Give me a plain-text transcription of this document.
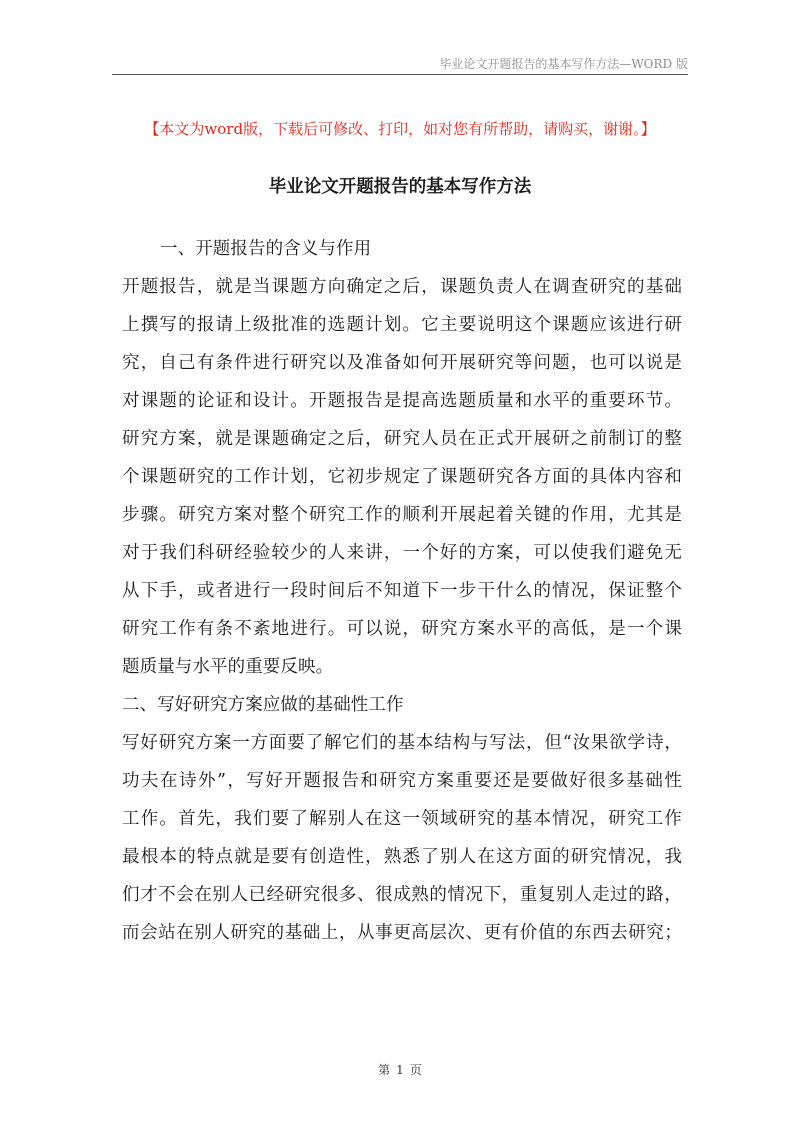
毕业论文开题报告的基本写作方法—WORD 版
【本文为word版，下载后可修改、打印，如对您有所帮助，请购买，谢谢。】
毕业论文开题报告的基本写作方法
一、开题报告的含义与作用
开题报告，就是当课题方向确定之后，课题负责人在调查研究的基础
上撰写的报请上级批准的选题计划。它主要说明这个课题应该进行研
究，自己有条件进行研究以及准备如何开展研究等问题，也可以说是
对课题的论证和设计。开题报告是提高选题质量和水平的重要环节。
研究方案，就是课题确定之后，研究人员在正式开展研之前制订的整
个课题研究的工作计划，它初步规定了课题研究各方面的具体内容和
步骤。研究方案对整个研究工作的顺利开展起着关键的作用，尤其是
对于我们科研经验较少的人来讲，一个好的方案，可以使我们避免无
从下手，或者进行一段时间后不知道下一步干什么的情况，保证整个
研究工作有条不紊地进行。可以说，研究方案水平的高低，是一个课
题质量与水平的重要反映。
二、写好研究方案应做的基础性工作
写好研究方案一方面要了解它们的基本结构与写法，但“汝果欲学诗，
功夫在诗外”，写好开题报告和研究方案重要还是要做好很多基础性
工作。首先，我们要了解别人在这一领域研究的基本情况，研究工作
最根本的特点就是要有创造性，熟悉了别人在这方面的研究情况，我
们才不会在别人已经研究很多、很成熟的情况下，重复别人走过的路，
而会站在别人研究的基础上，从事更高层次、更有价值的东西去研究；
第 1 页
